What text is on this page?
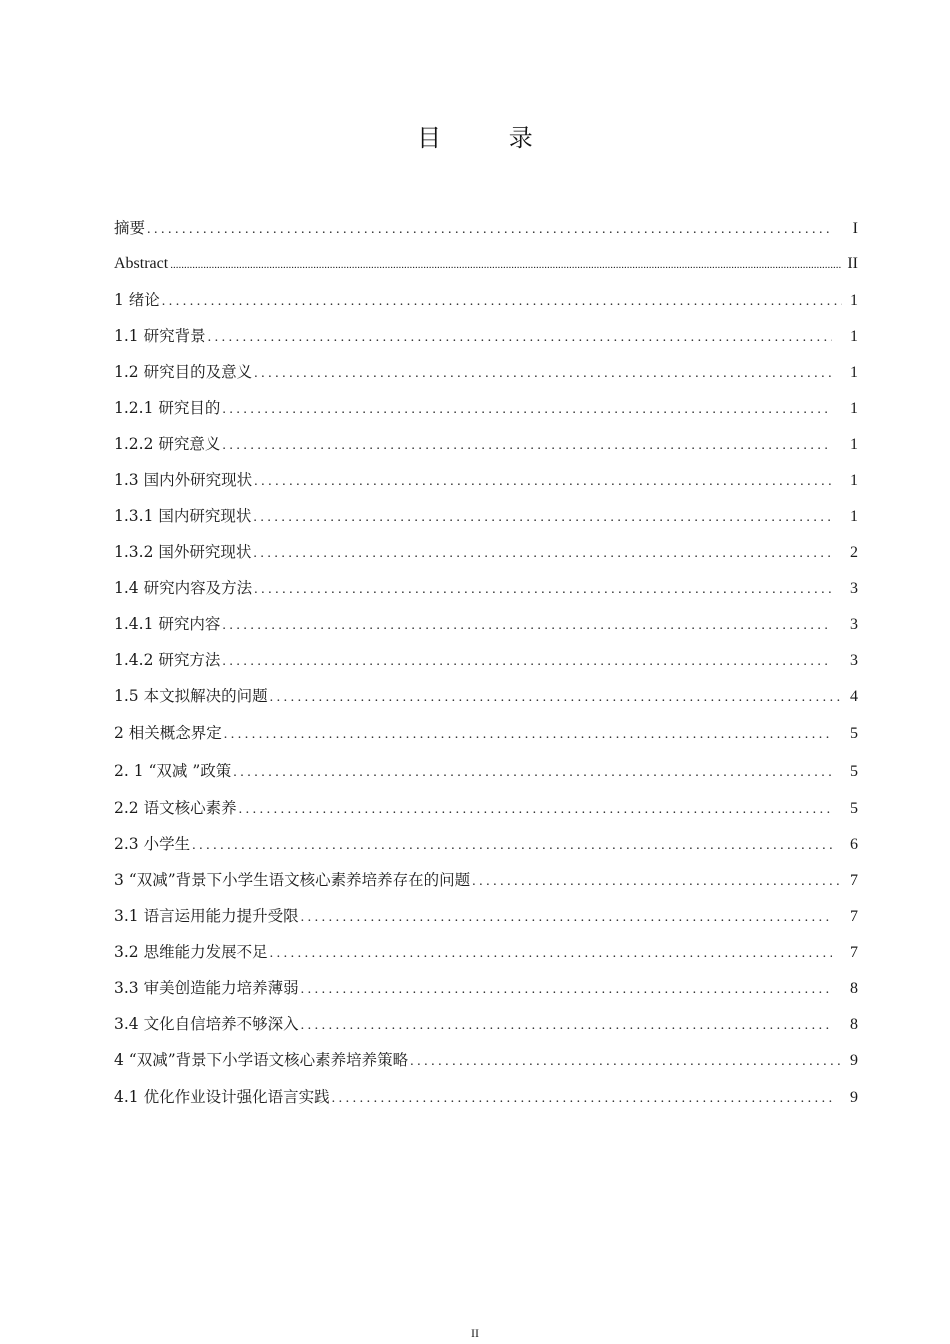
目 录
摘要 . . .	I
Abstract .....	II
1 绪论 . . .	1
1.1 研究背景 . . .	1
1.2 研究目的及意义 . . .	1
1.2.1 研究目的 . . .	1
1.2.2 研究意义 . . .	1
1.3 国内外研究现状 . . .	1
1.3.1 国内研究现状 . . .	1
1.3.2 国外研究现状 . . .	2
1.4 研究内容及方法 . . .	3
1.4.1 研究内容 . . .	3
1.4.2 研究方法 . . .	3
1.5 本文拟解决的问题 . . .	4
2 相关概念界定 . . .	5
2. 1 “双减 ”政策 . . .	5
2.2 语文核心素养 . . .	5
2.3 小学生 . . .	6
3 “双减”背景下小学生语文核心素养培养存在的问题 . . .	7
3.1 语言运用能力提升受限 . . .	7
3.2 思维能力发展不足 . . .	7
3.3 审美创造能力培养薄弱 . . .	8
3.4 文化自信培养不够深入 . . .	8
4 “双减”背景下小学语文核心素养培养策略 . . .	9
4.1 优化作业设计强化语言实践 . . .	9
II
